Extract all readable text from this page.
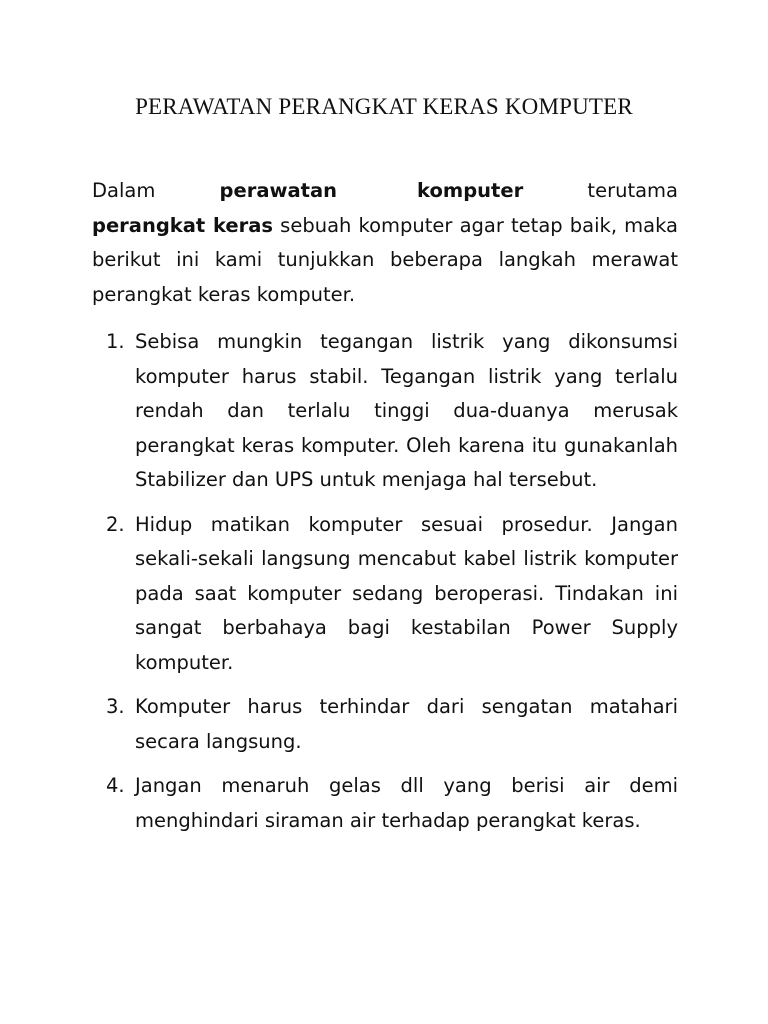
PERAWATAN PERANGKAT KERAS KOMPUTER

Dalam perawatan	komputer terutama perangkat keras sebuah komputer agar tetap baik, maka berikut ini kami tunjukkan beberapa langkah merawat perangkat keras komputer.

1. Sebisa mungkin tegangan listrik yang dikonsumsi komputer harus stabil. Tegangan listrik yang terlalu rendah dan terlalu tinggi dua-duanya merusak perangkat keras komputer. Oleh karena itu gunakanlah Stabilizer dan UPS untuk menjaga hal tersebut.
2. Hidup matikan komputer sesuai prosedur. Jangan sekali-sekali langsung mencabut kabel listrik komputer pada saat komputer sedang beroperasi. Tindakan ini sangat berbahaya bagi kestabilan Power Supply komputer.
3. Komputer harus terhindar dari sengatan matahari secara langsung.
4. Jangan menaruh gelas dll yang berisi air demi menghindari siraman air terhadap perangkat keras.
